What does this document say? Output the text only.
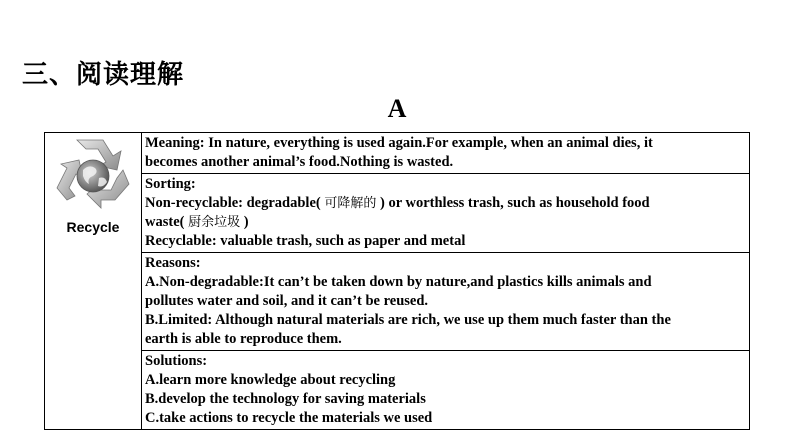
三、阅读理解
A
Recycle

Meaning: In nature, everything is used again.For example, when an animal dies, it
becomes another animal’s food.Nothing is wasted.

Sorting:
Non-recyclable: degradable( 可降解的 ) or worthless trash, such as household food
waste( 厨余垃圾 )
Recyclable: valuable trash, such as paper and metal

Reasons:
A.Non-degradable:It can’t be taken down by nature,and plastics kills animals and
pollutes water and soil, and it can’t be reused.
B.Limited: Although natural materials are rich, we use up them much faster than the
earth is able to reproduce them.

Solutions:
A.learn more knowledge about recycling
B.develop the technology for saving materials
C.take actions to recycle the materials we used
